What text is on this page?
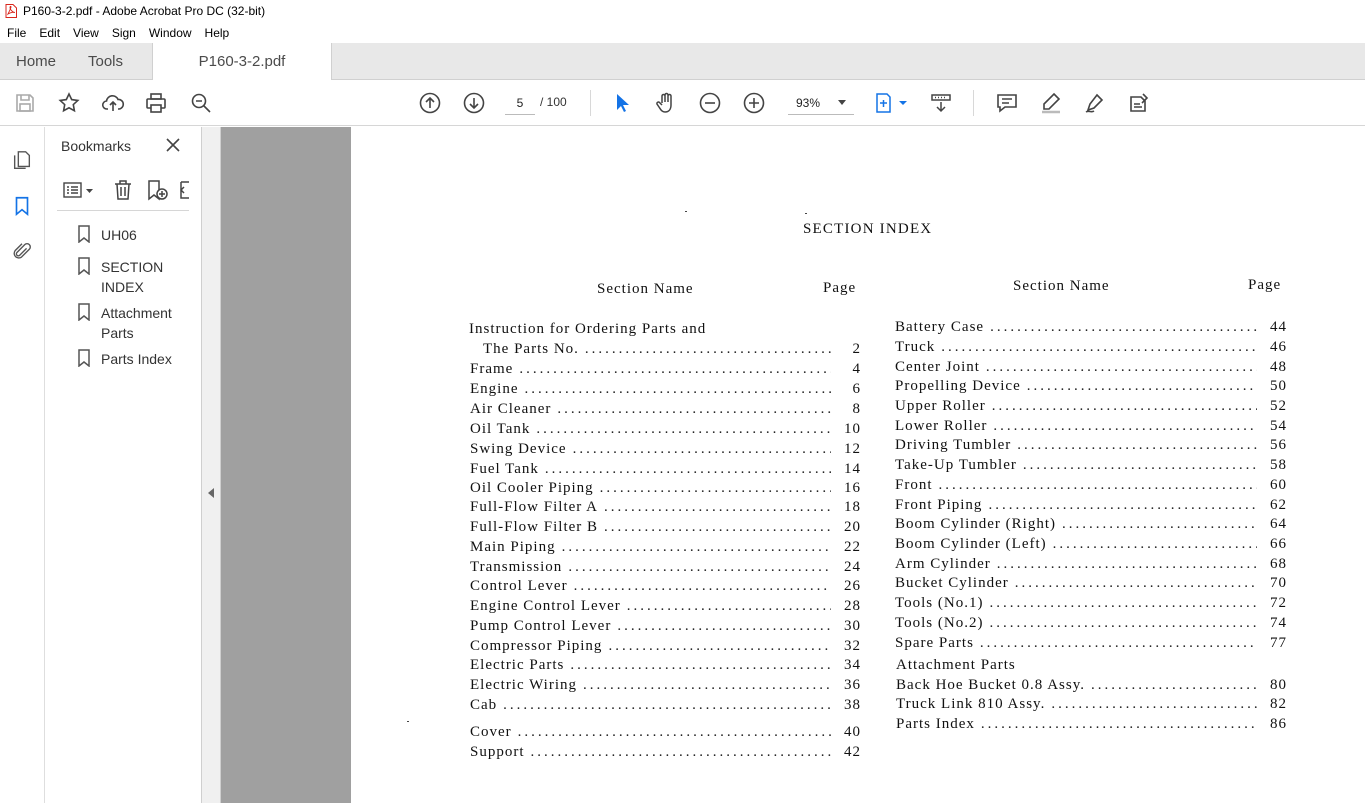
P160-3-2.pdf - Adobe Acrobat Pro DC (32-bit)
File	Edit	View	Sign	Window	Help
Home Tools	P160-3-2.pdf
5
/ 100	93%
Bookmarks
UH06
SECTION INDEX
Attachment Parts
Parts Index
SECTION INDEX
Section Name	Page	Section Name	Page
Instruction for Ordering Parts and
The Parts No. .....	2
Frame .....	4
Engine .....	6
Air Cleaner .....	8
Oil Tank .....	10
Swing Device .....	12
Fuel Tank .....	14
Oil Cooler Piping .....	16
Full-Flow Filter A .....	18
Full-Flow Filter B .....	20
Main Piping .....	22
Transmission .....	24
Control Lever .....	26
Engine Control Lever .....	28
Pump Control Lever .....	30
Compressor Piping .....	32
Electric Parts .....	34
Electric Wiring .....	36
Cab .....	38
Cover .....	40
Support .....	42
Battery Case .....	44
Truck .....	46
Center Joint .....	48
Propelling Device .....	50
Upper Roller .....	52
Lower Roller .....	54
Driving Tumbler .....	56
Take-Up Tumbler .....	58
Front .....	60
Front Piping .....	62
Boom Cylinder (Right) .....	64
Boom Cylinder (Left) .....	66
Arm Cylinder .....	68
Bucket Cylinder .....	70
Tools (No.1) .....	72
Tools (No.2) .....	74
Spare Parts .....	77
Attachment Parts
Back Hoe Bucket 0.8 Assy. .....	80
Truck Link 810 Assy. .....	82
Parts Index .....	86
